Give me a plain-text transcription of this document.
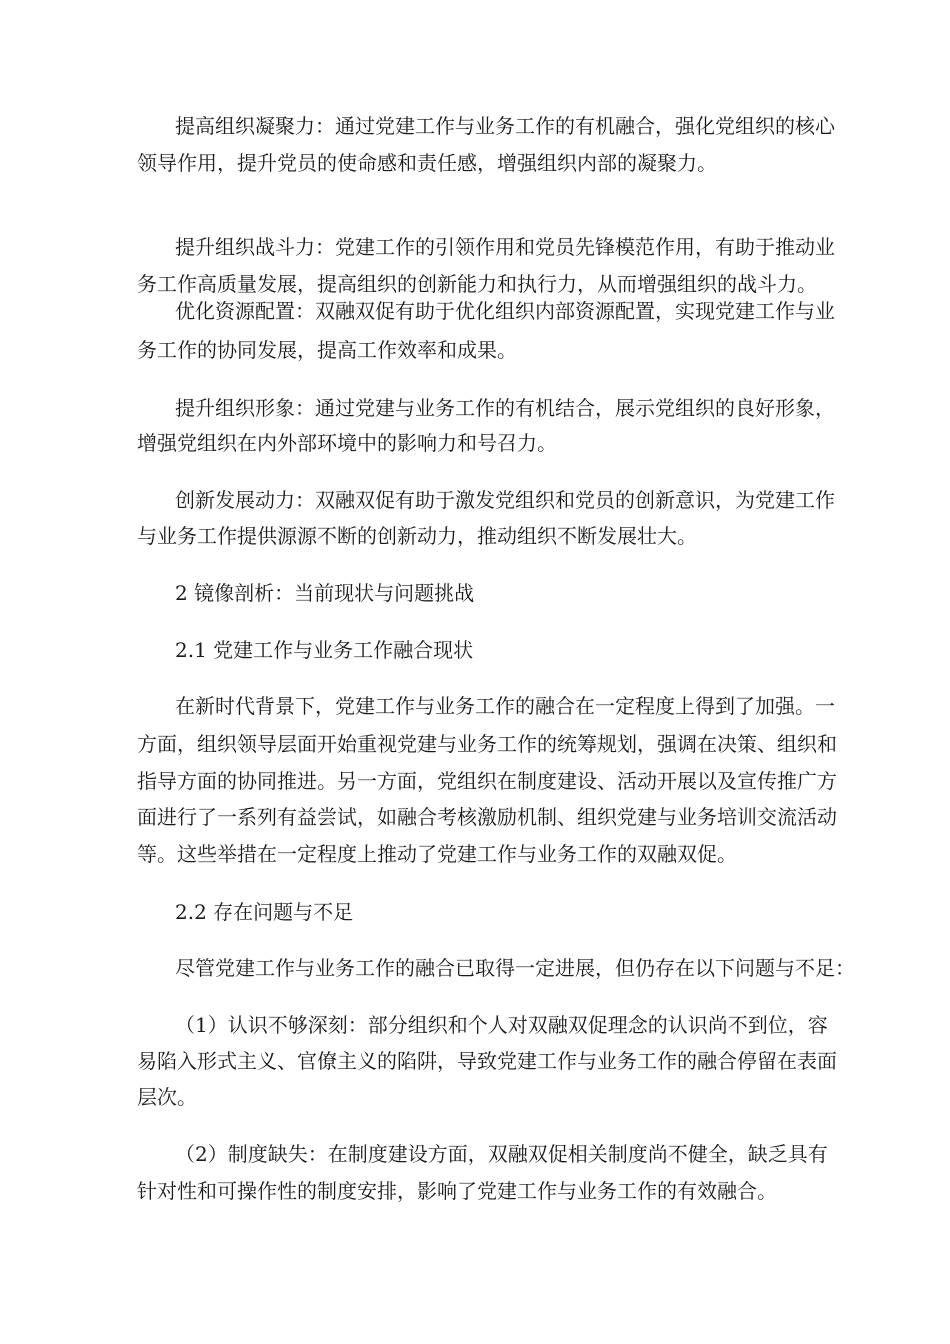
提高组织凝聚力：通过党建工作与业务工作的有机融合，强化党组织的核心
领导作用，提升党员的使命感和责任感，增强组织内部的凝聚力。
提升组织战斗力：党建工作的引领作用和党员先锋模范作用，有助于推动业
务工作高质量发展，提高组织的创新能力和执行力，从而增强组织的战斗力。
优化资源配置：双融双促有助于优化组织内部资源配置，实现党建工作与业
务工作的协同发展，提高工作效率和成果。
提升组织形象：通过党建与业务工作的有机结合，展示党组织的良好形象，
增强党组织在内外部环境中的影响力和号召力。
创新发展动力：双融双促有助于激发党组织和党员的创新意识，为党建工作
与业务工作提供源源不断的创新动力，推动组织不断发展壮大。
2 镜像剖析：当前现状与问题挑战
2.1 党建工作与业务工作融合现状
在新时代背景下，党建工作与业务工作的融合在一定程度上得到了加强。一
方面，组织领导层面开始重视党建与业务工作的统筹规划，强调在决策、组织和
指导方面的协同推进。另一方面，党组织在制度建设、活动开展以及宣传推广方
面进行了一系列有益尝试，如融合考核激励机制、组织党建与业务培训交流活动
等。这些举措在一定程度上推动了党建工作与业务工作的双融双促。
2.2 存在问题与不足
尽管党建工作与业务工作的融合已取得一定进展，但仍存在以下问题与不足：
（1）认识不够深刻：部分组织和个人对双融双促理念的认识尚不到位，容
易陷入形式主义、官僚主义的陷阱，导致党建工作与业务工作的融合停留在表面
层次。
（2）制度缺失：在制度建设方面，双融双促相关制度尚不健全，缺乏具有
针对性和可操作性的制度安排，影响了党建工作与业务工作的有效融合。
